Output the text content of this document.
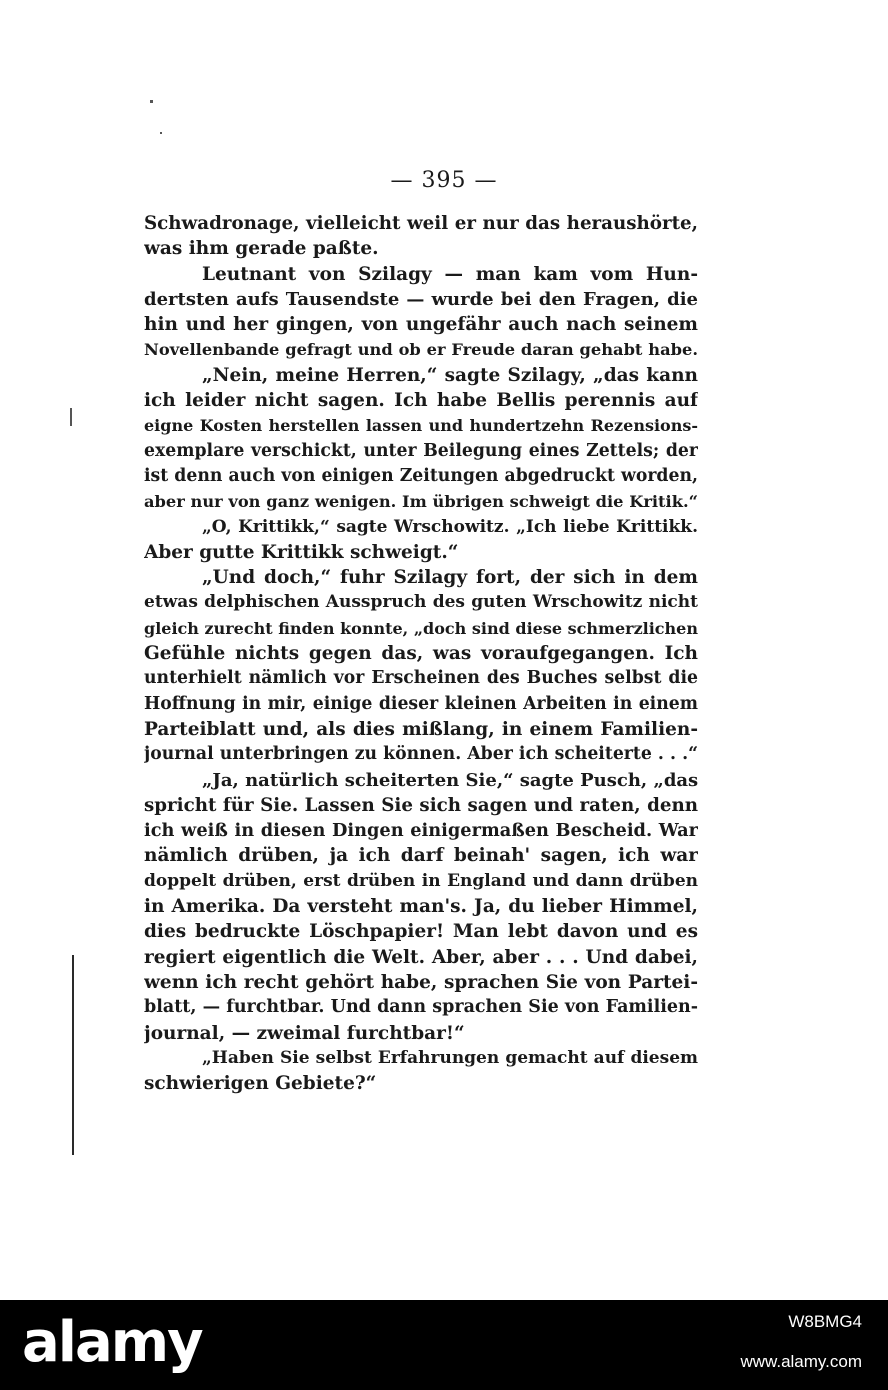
— 395 —
Schwadronage, vielleicht weil er nur das heraushörte,
was ihm gerade paßte.
Leutnant von Szilagy — man kam vom Hun-
dertsten aufs Tausendste — wurde bei den Fragen, die
hin und her gingen, von ungefähr auch nach seinem
Novellenbande gefragt und ob er Freude daran gehabt habe.
„Nein, meine Herren,“ sagte Szilagy, „das kann
ich leider nicht sagen. Ich habe Bellis perennis auf
eigne Kosten herstellen lassen und hundertzehn Rezensions-
exemplare verschickt, unter Beilegung eines Zettels; der
ist denn auch von einigen Zeitungen abgedruckt worden,
aber nur von ganz wenigen. Im übrigen schweigt die Kritik.“
„O, Krittikk,“ sagte Wrschowitz. „Ich liebe Krittikk.
Aber gutte Krittikk schweigt.“
„Und doch,“ fuhr Szilagy fort, der sich in dem
etwas delphischen Ausspruch des guten Wrschowitz nicht
gleich zurecht finden konnte, „doch sind diese schmerzlichen
Gefühle nichts gegen das, was voraufgegangen. Ich
unterhielt nämlich vor Erscheinen des Buches selbst die
Hoffnung in mir, einige dieser kleinen Arbeiten in einem
Parteiblatt und, als dies mißlang, in einem Familien-
journal unterbringen zu können. Aber ich scheiterte . . .“
„Ja, natürlich scheiterten Sie,“ sagte Pusch, „das
spricht für Sie. Lassen Sie sich sagen und raten, denn
ich weiß in diesen Dingen einigermaßen Bescheid. War
nämlich drüben, ja ich darf beinah' sagen, ich war
doppelt drüben, erst drüben in England und dann drüben
in Amerika. Da versteht man's. Ja, du lieber Himmel,
dies bedruckte Löschpapier! Man lebt davon und es
regiert eigentlich die Welt. Aber, aber . . . Und dabei,
wenn ich recht gehört habe, sprachen Sie von Partei-
blatt, — furchtbar. Und dann sprachen Sie von Familien-
journal, — zweimal furchtbar!“
„Haben Sie selbst Erfahrungen gemacht auf diesem
schwierigen Gebiete?“
alamy	W8BMG4
www.alamy.com
